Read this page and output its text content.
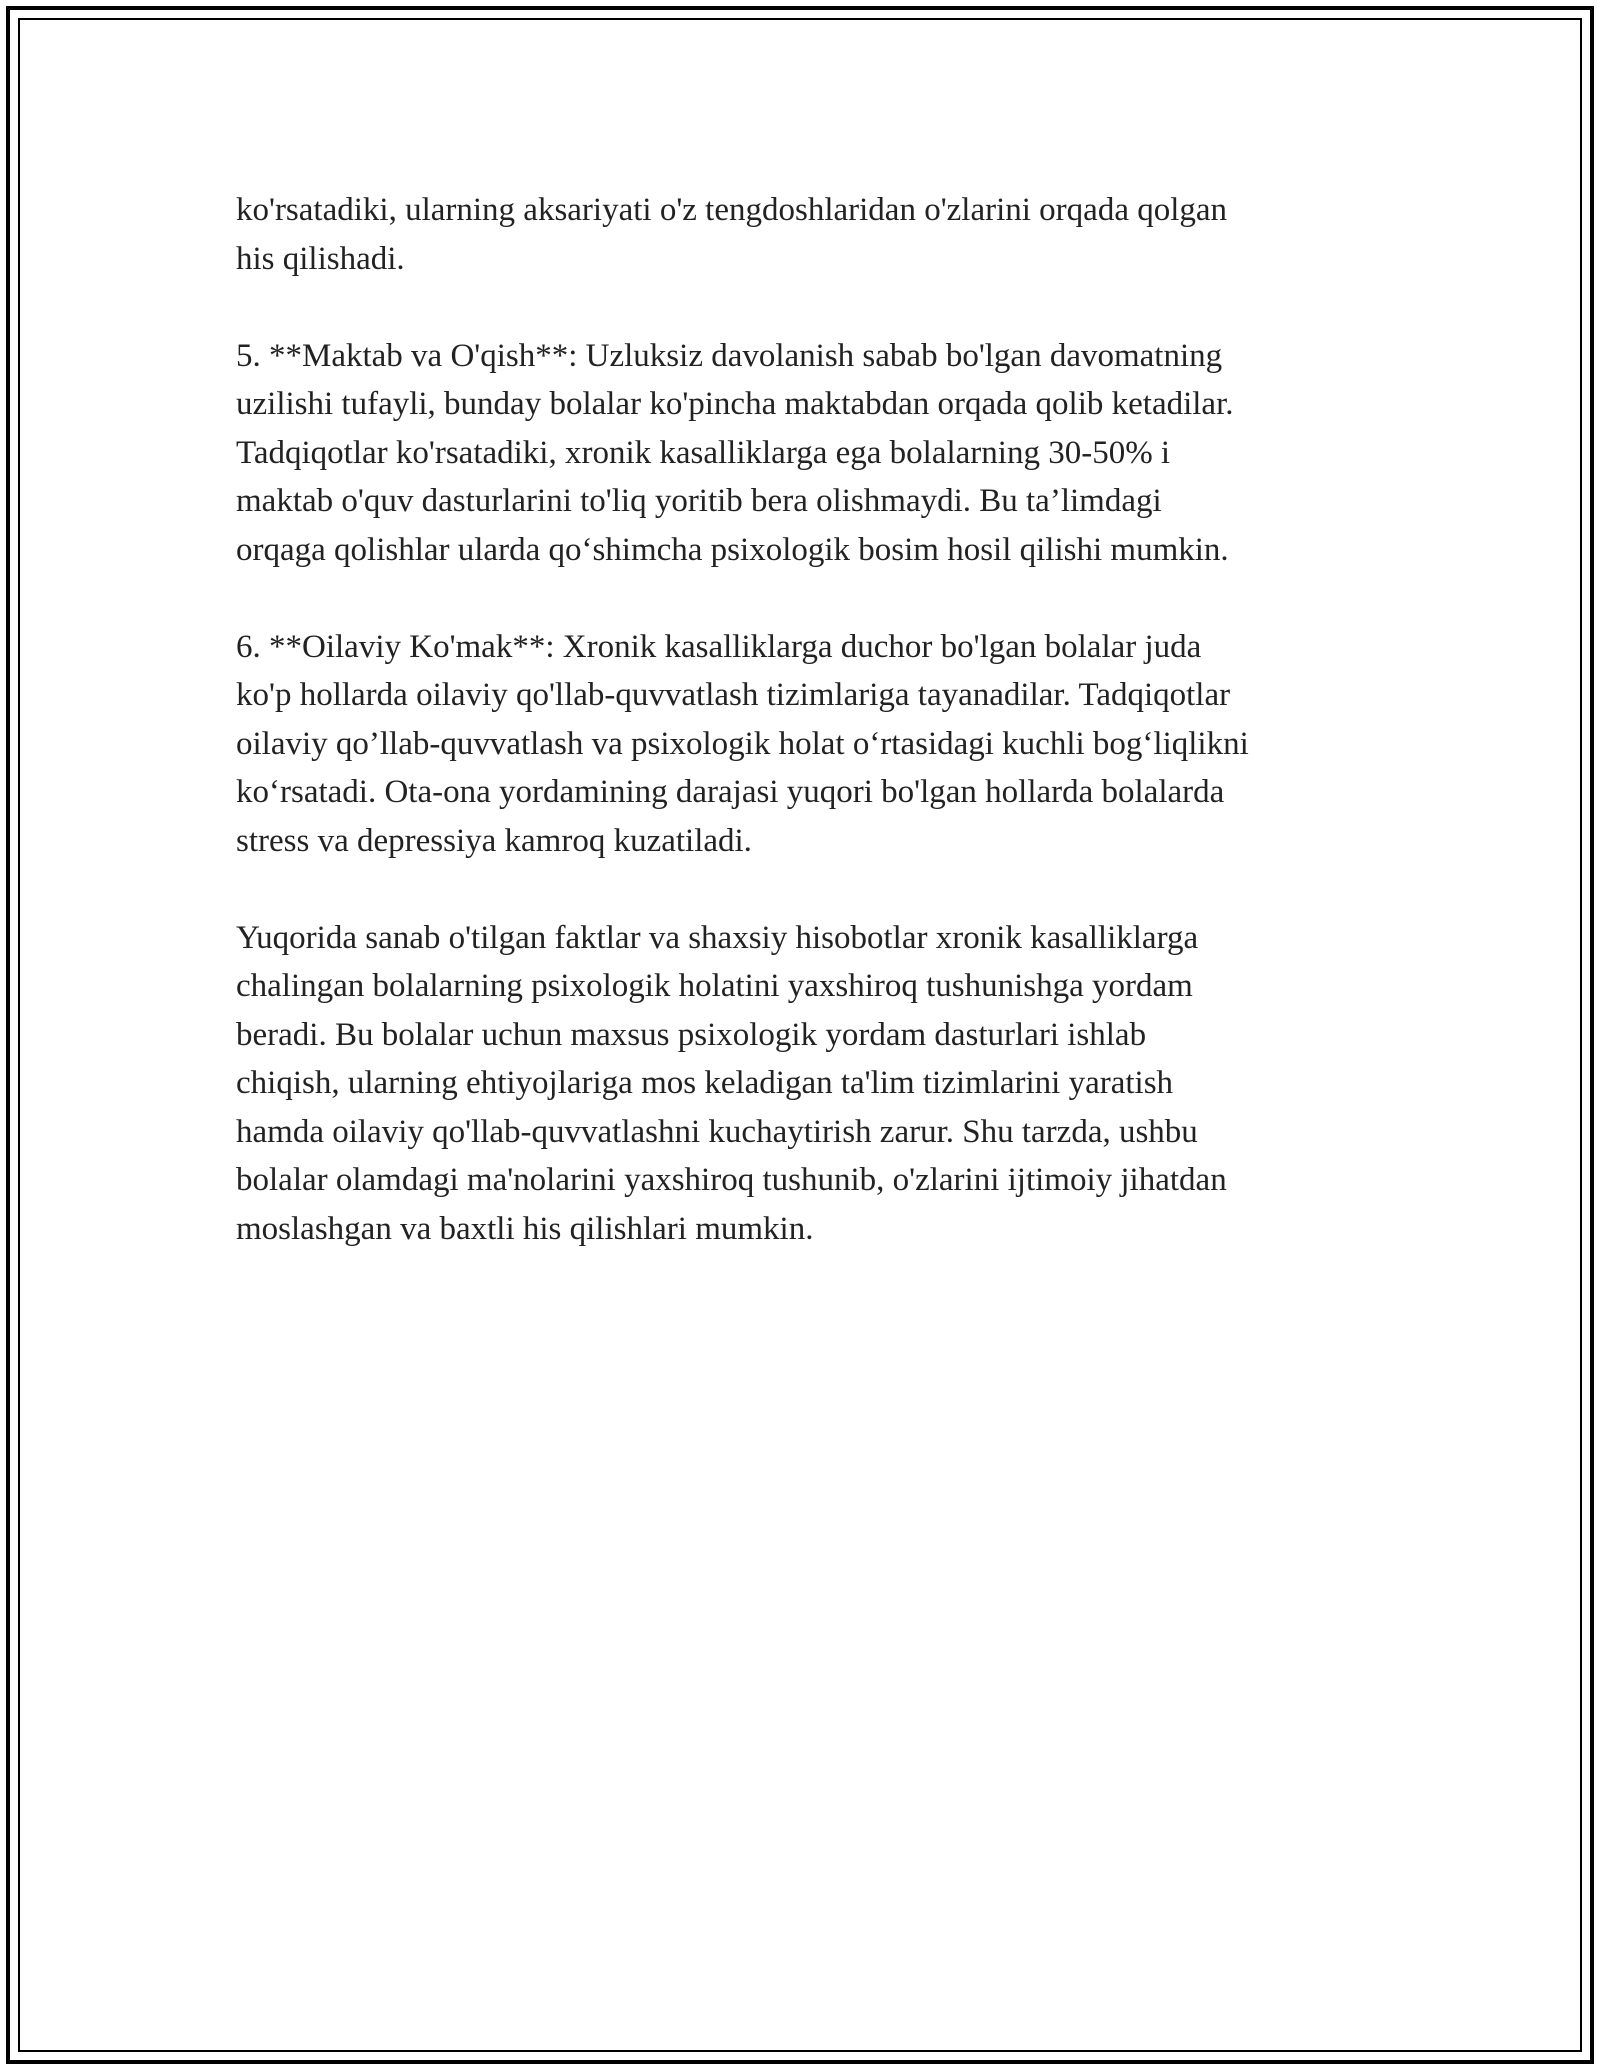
ko'rsatadiki, ularning aksariyati o'z tengdoshlaridan o'zlarini orqada qolgan
his qilishadi.

5. **Maktab va O'qish**: Uzluksiz davolanish sabab bo'lgan davomatning
uzilishi tufayli, bunday bolalar ko'pincha maktabdan orqada qolib ketadilar.
Tadqiqotlar ko'rsatadiki, xronik kasalliklarga ega bolalarning 30-50% i
maktab o'quv dasturlarini to'liq yoritib bera olishmaydi. Bu ta’limdagi
orqaga qolishlar ularda qo‘shimcha psixologik bosim hosil qilishi mumkin.

6. **Oilaviy Ko'mak**: Xronik kasalliklarga duchor bo'lgan bolalar juda
ko'p hollarda oilaviy qo'llab-quvvatlash tizimlariga tayanadilar. Tadqiqotlar
oilaviy qo’llab-quvvatlash va psixologik holat o‘rtasidagi kuchli bog‘liqlikni
ko‘rsatadi. Ota-ona yordamining darajasi yuqori bo'lgan hollarda bolalarda
stress va depressiya kamroq kuzatiladi.

Yuqorida sanab o'tilgan faktlar va shaxsiy hisobotlar xronik kasalliklarga
chalingan bolalarning psixologik holatini yaxshiroq tushunishga yordam
beradi. Bu bolalar uchun maxsus psixologik yordam dasturlari ishlab
chiqish, ularning ehtiyojlariga mos keladigan ta'lim tizimlarini yaratish
hamda oilaviy qo'llab-quvvatlashni kuchaytirish zarur. Shu tarzda, ushbu
bolalar olamdagi ma'nolarini yaxshiroq tushunib, o'zlarini ijtimoiy jihatdan
moslashgan va baxtli his qilishlari mumkin.
